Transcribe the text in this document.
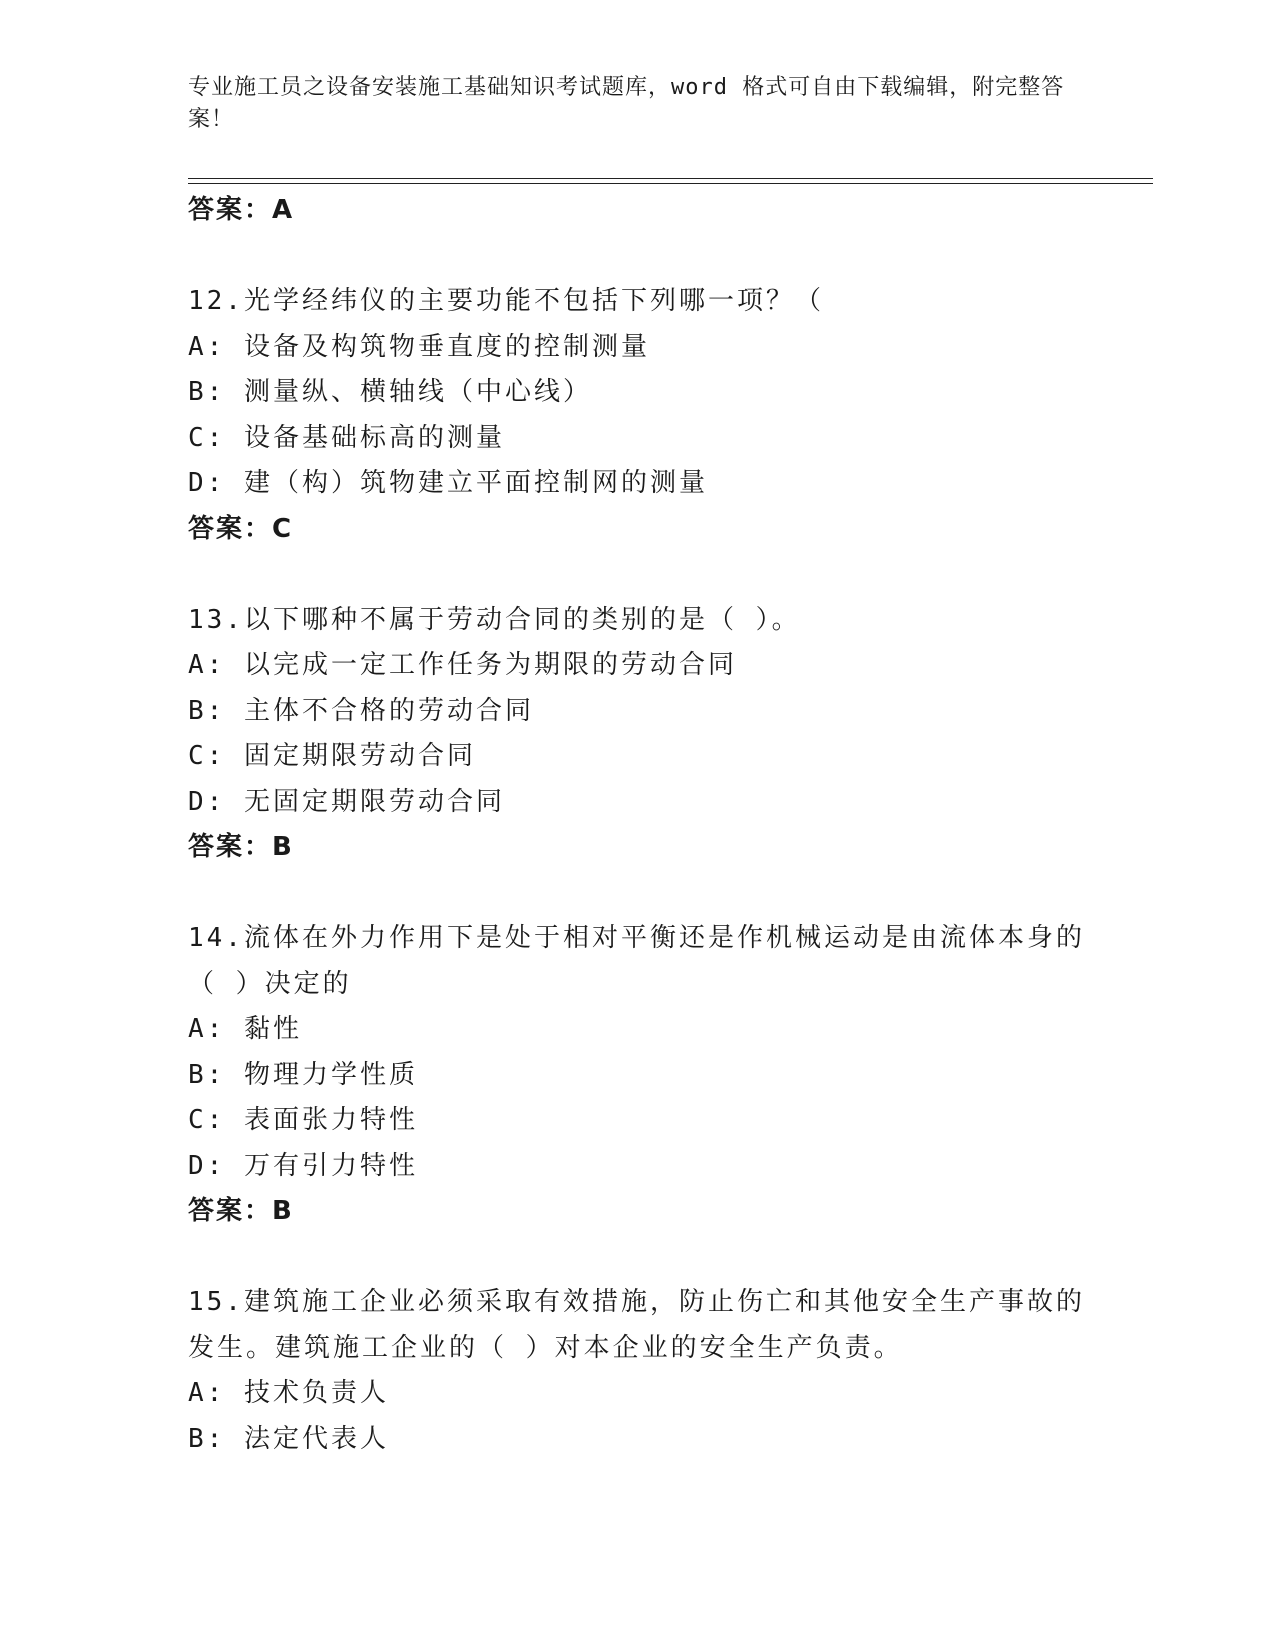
专业施工员之设备安装施工基础知识考试题库，word 格式可自由下载编辑，附完整答案！
答案：A
12.光学经纬仪的主要功能不包括下列哪一项？（
A: 设备及构筑物垂直度的控制测量
B: 测量纵、横轴线（中心线）
C: 设备基础标高的测量
D: 建（构）筑物建立平面控制网的测量
答案：C
13.以下哪种不属于劳动合同的类别的是（ ）。
A: 以完成一定工作任务为期限的劳动合同
B: 主体不合格的劳动合同
C: 固定期限劳动合同
D: 无固定期限劳动合同
答案：B
14.流体在外力作用下是处于相对平衡还是作机械运动是由流体本身的
（ ）决定的
A: 黏性
B: 物理力学性质
C: 表面张力特性
D: 万有引力特性
答案：B
15.建筑施工企业必须采取有效措施，防止伤亡和其他安全生产事故的
发生。建筑施工企业的（ ）对本企业的安全生产负责。
A: 技术负责人
B: 法定代表人
